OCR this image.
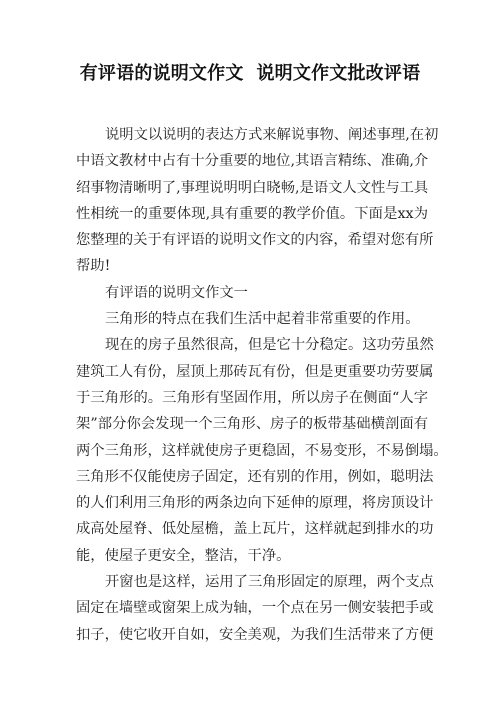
有评语的说明文作文  说明文作文批改评语
说明文以说明的表达方式来解说事物、阐述事理,在初
中语文教材中占有十分重要的地位,其语言精练、准确,介
绍事物清晰明了,事理说明明白晓畅,是语文人文性与工具
性相统一的重要体现,具有重要的教学价值。下面是xx为
您整理的关于有评语的说明文作文的内容，希望对您有所
帮助!
有评语的说明文作文一
三角形的特点在我们生活中起着非常重要的作用。
现在的房子虽然很高，但是它十分稳定。这功劳虽然
建筑工人有份，屋顶上那砖瓦有份，但是更重要功劳要属
于三角形的。三角形有坚固作用，所以房子在侧面“人字
架”部分你会发现一个三角形、房子的板带基础横剖面有
两个三角形，这样就使房子更稳固，不易变形，不易倒塌。
三角形不仅能使房子固定，还有别的作用，例如，聪明法
的人们利用三角形的两条边向下延伸的原理，将房顶设计
成高处屋脊、低处屋檐，盖上瓦片，这样就起到排水的功
能，使屋子更安全，整洁，干净。
开窗也是这样，运用了三角形固定的原理，两个支点
固定在墙壁或窗架上成为轴，一个点在另一侧安装把手或
扣子，使它收开自如，安全美观，为我们生活带来了方便
